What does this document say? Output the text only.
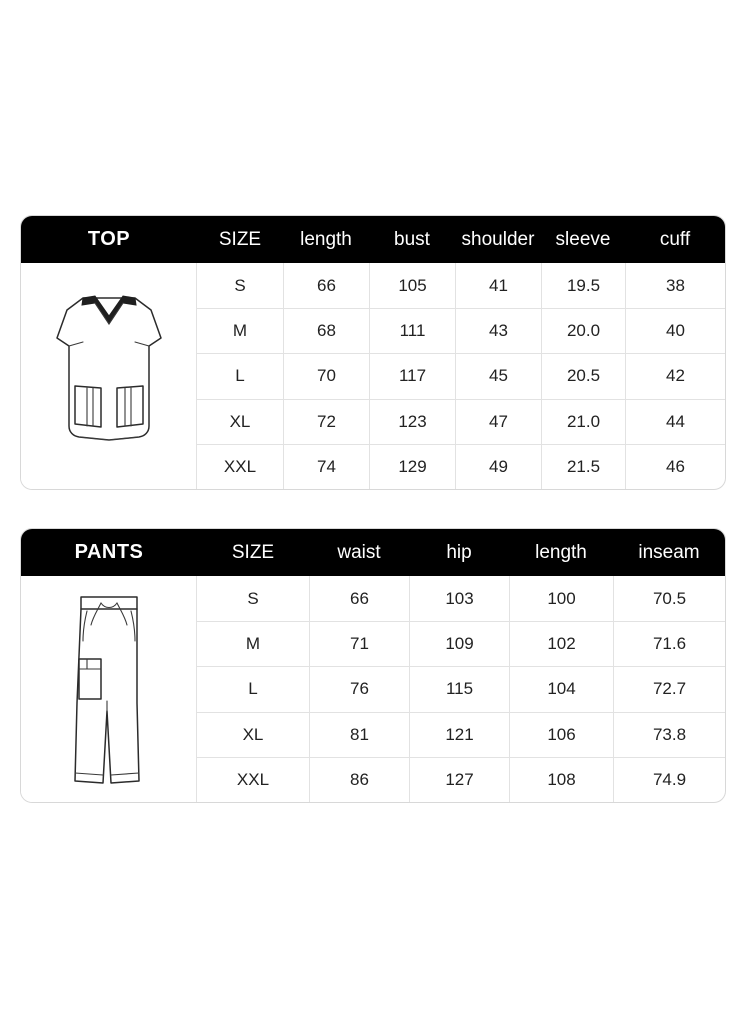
TOP	SIZE	length	bust	shoulder	sleeve	cuff
S	66	105	41	19.5	38
M	68	111	43	20.0	40
L	70	117	45	20.5	42
XL	72	123	47	21.0	44
XXL	74	129	49	21.5	46
PANTS	SIZE	waist	hip	length	inseam
S	66	103	100	70.5
M	71	109	102	71.6
L	76	115	104	72.7
XL	81	121	106	73.8
XXL	86	127	108	74.9
